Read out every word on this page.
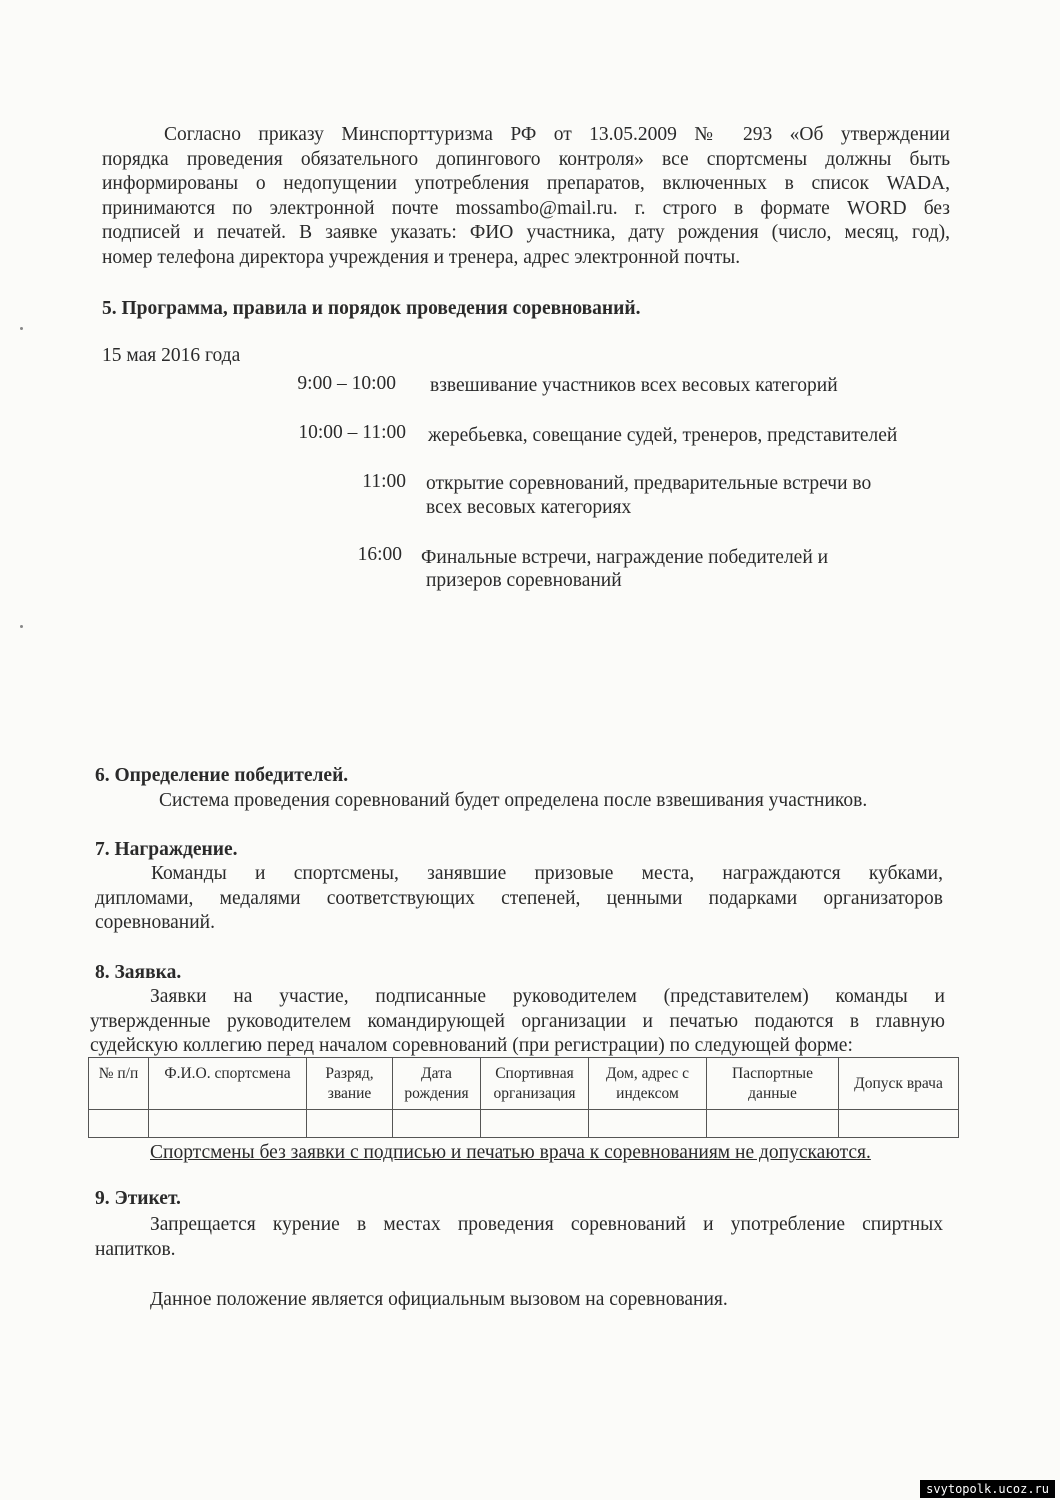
Согласно приказу Минспорттуризма РФ от 13.05.2009 № 293 «Об утверждении
порядка проведения обязательного допингового контроля» все спортсмены должны быть
информированы о недопущении употребления препаратов, включенных в список WADA,
принимаются по электронной почте mossambo@mail.ru. г. строго в формате WORD без
подписей и печатей. В заявке указать: ФИО участника, дату рождения (число, месяц, год),
номер телефона директора учреждения и тренера, адрес электронной почты.
5. Программа, правила и порядок проведения соревнований.
15 мая 2016 года
9:00 – 10:00 взвешивание участников всех весовых категорий
10:00 – 11:00 жеребьевка, совещание судей, тренеров, представителей
11:00 открытие соревнований, предварительные встречи во
всех весовых категориях
16:00 Финальные встречи, награждение победителей и
призеров соревнований
6. Определение победителей.
Система проведения соревнований будет определена после взвешивания участников.
7. Награждение.
Команды и спортсмены, занявшие призовые места, награждаются кубками,
дипломами, медалями соответствующих степеней, ценными подарками организаторов
соревнований.
8. Заявка.
Заявки на участие, подписанные руководителем (представителем) команды и
утвержденные руководителем командирующей организации и печатью подаются в главную
судейскую коллегию перед началом соревнований (при регистрации) по следующей форме:
№ п/п	Ф.И.О. спортсмена	Разряд, звание	Дата рождения	Спортивная организация	Дом, адрес с индексом	Паспортные данные	Допуск врача

Спортсмены без заявки с подписью и печатью врача к соревнованиям не допускаются.
9. Этикет.
Запрещается курение в местах проведения соревнований и употребление спиртных
напитков.
Данное положение является официальным вызовом на соревнования.
svytopolk.ucoz.ru
